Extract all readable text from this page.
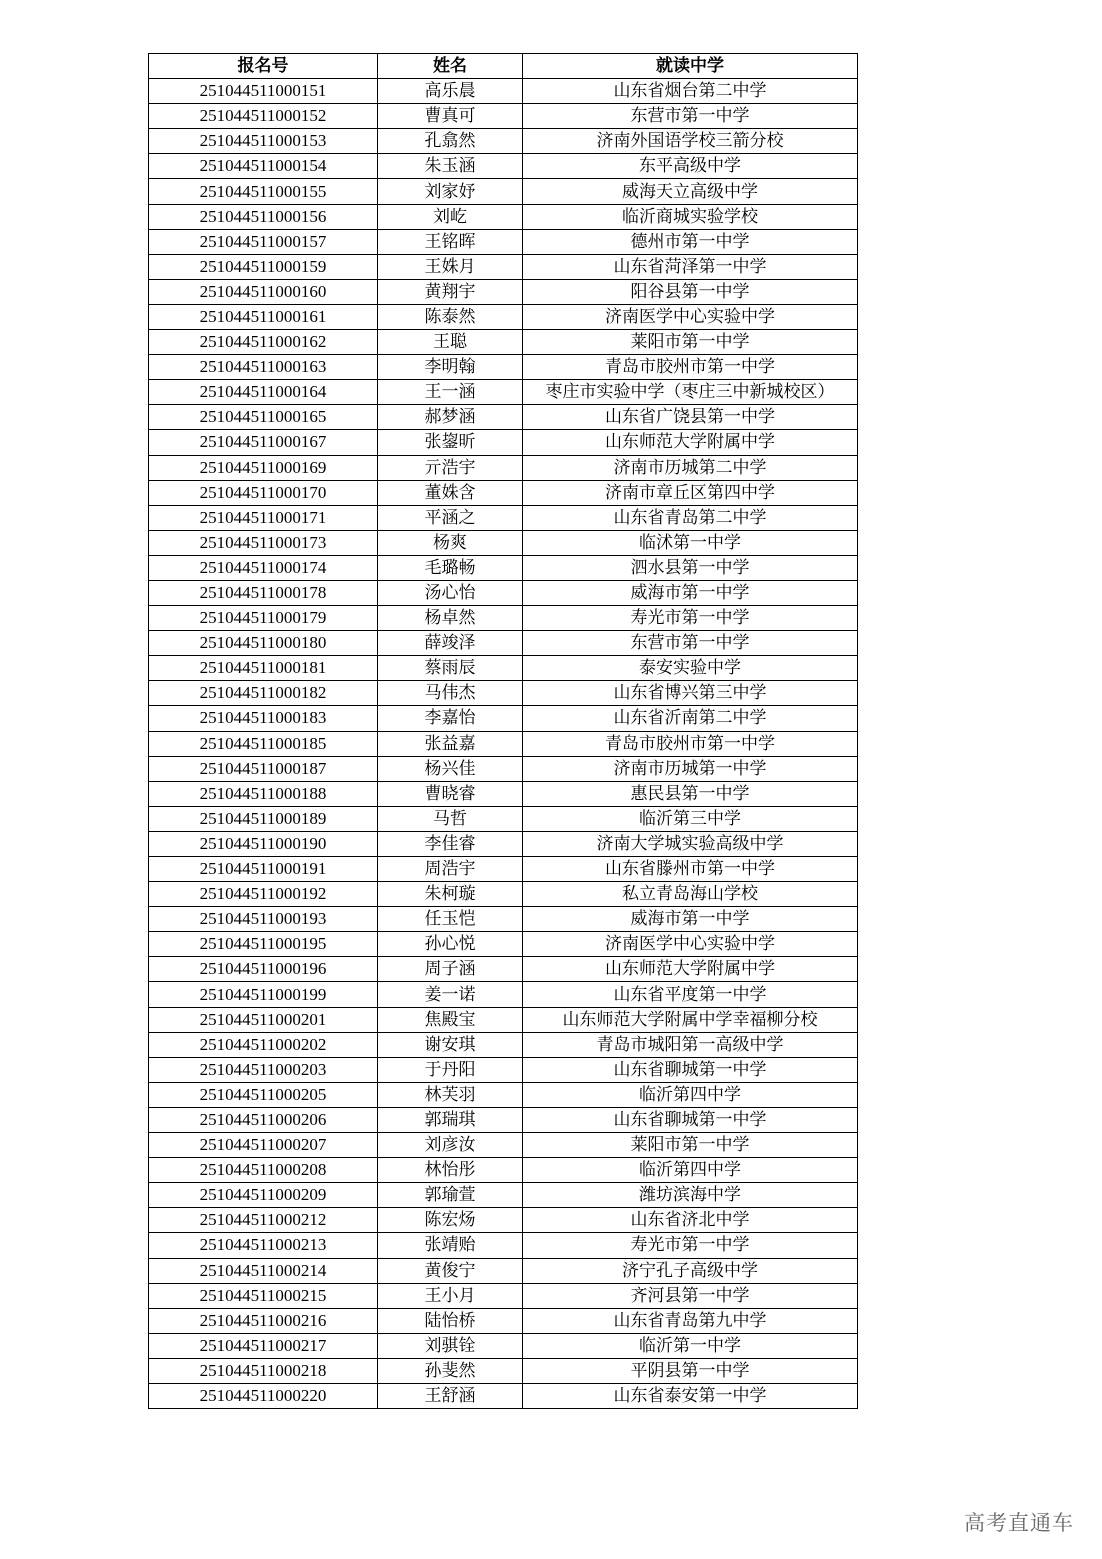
报名号	姓名	就读中学
251044511000151	高乐晨	山东省烟台第二中学
251044511000152	曹真可	东营市第一中学
251044511000153	孔翕然	济南外国语学校三箭分校
251044511000154	朱玉涵	东平高级中学
251044511000155	刘家妤	威海天立高级中学
251044511000156	刘屹	临沂商城实验学校
251044511000157	王铭晖	德州市第一中学
251044511000159	王姝月	山东省菏泽第一中学
251044511000160	黄翔宇	阳谷县第一中学
251044511000161	陈泰然	济南医学中心实验中学
251044511000162	王聪	莱阳市第一中学
251044511000163	李明翰	青岛市胶州市第一中学
251044511000164	王一涵	枣庄市实验中学（枣庄三中新城校区）
251044511000165	郝梦涵	山东省广饶县第一中学
251044511000167	张鋆昕	山东师范大学附属中学
251044511000169	亓浩宇	济南市历城第二中学
251044511000170	董姝含	济南市章丘区第四中学
251044511000171	平涵之	山东省青岛第二中学
251044511000173	杨爽	临沭第一中学
251044511000174	毛璐畅	泗水县第一中学
251044511000178	汤心怡	威海市第一中学
251044511000179	杨卓然	寿光市第一中学
251044511000180	薛竣泽	东营市第一中学
251044511000181	蔡雨辰	泰安实验中学
251044511000182	马伟杰	山东省博兴第三中学
251044511000183	李嘉怡	山东省沂南第二中学
251044511000185	张益嘉	青岛市胶州市第一中学
251044511000187	杨兴佳	济南市历城第一中学
251044511000188	曹晓睿	惠民县第一中学
251044511000189	马哲	临沂第三中学
251044511000190	李佳睿	济南大学城实验高级中学
251044511000191	周浩宇	山东省滕州市第一中学
251044511000192	朱柯璇	私立青岛海山学校
251044511000193	任玉恺	威海市第一中学
251044511000195	孙心悦	济南医学中心实验中学
251044511000196	周子涵	山东师范大学附属中学
251044511000199	姜一诺	山东省平度第一中学
251044511000201	焦殿宝	山东师范大学附属中学幸福柳分校
251044511000202	谢安琪	青岛市城阳第一高级中学
251044511000203	于丹阳	山东省聊城第一中学
251044511000205	林芙羽	临沂第四中学
251044511000206	郭瑞琪	山东省聊城第一中学
251044511000207	刘彦汝	莱阳市第一中学
251044511000208	林怡彤	临沂第四中学
251044511000209	郭瑜萱	潍坊滨海中学
251044511000212	陈宏炀	山东省济北中学
251044511000213	张靖贻	寿光市第一中学
251044511000214	黄俊宁	济宁孔子高级中学
251044511000215	王小月	齐河县第一中学
251044511000216	陆怡桥	山东省青岛第九中学
251044511000217	刘骐铨	临沂第一中学
251044511000218	孙斐然	平阴县第一中学
251044511000220	王舒涵	山东省泰安第一中学
高考直通车
